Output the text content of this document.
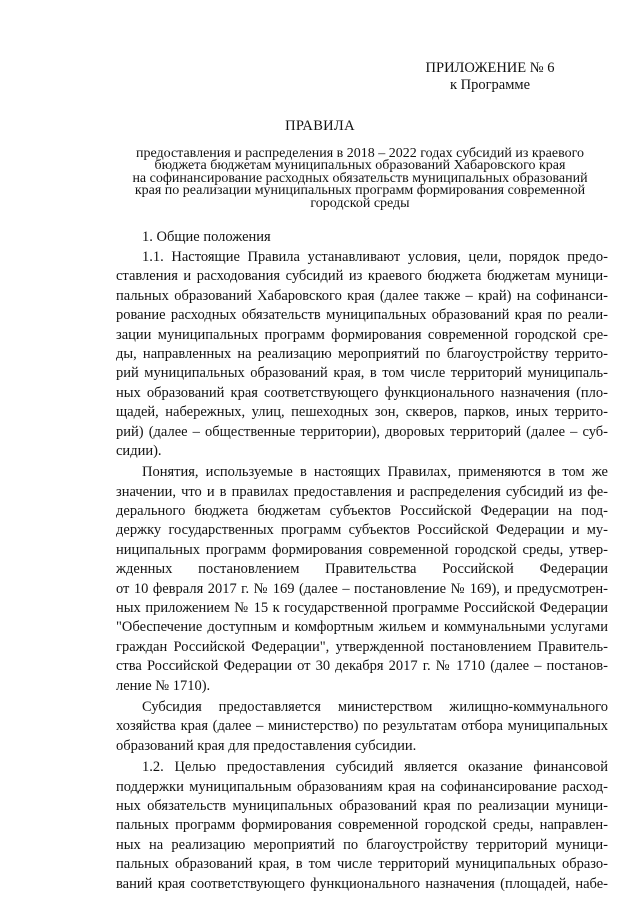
ПРИЛОЖЕНИЕ № 6
к Программе
ПРАВИЛА
предоставления и распределения в 2018 – 2022 годах субсидий из краевого
бюджета бюджетам муниципальных образований Хабаровского края
на софинансирование расходных обязательств муниципальных образований
края по реализации муниципальных программ формирования современной
городской среды
1. Общие положения
1.1. Настоящие Правила устанавливают условия, цели, порядок предо-
ставления и расходования субсидий из краевого бюджета бюджетам муници-
пальных образований Хабаровского края (далее также – край) на софинанси-
рование расходных обязательств муниципальных образований края по реали-
зации муниципальных программ формирования современной городской сре-
ды, направленных на реализацию мероприятий по благоустройству террито-
рий муниципальных образований края, в том числе территорий муниципаль-
ных образований края соответствующего функционального назначения (пло-
щадей, набережных, улиц, пешеходных зон, скверов, парков, иных террито-
рий) (далее – общественные территории), дворовых территорий (далее – суб-
сидии).
Понятия, используемые в настоящих Правилах, применяются в том же
значении, что и в правилах предоставления и распределения субсидий из фе-
дерального бюджета бюджетам субъектов Российской Федерации на под-
держку государственных программ субъектов Российской Федерации и му-
ниципальных программ формирования современной городской среды, утвер-
жденных постановлением Правительства Российской Федерации
от 10 февраля 2017 г. № 169 (далее – постановление № 169), и предусмотрен-
ных приложением № 15 к государственной программе Российской Федерации
"Обеспечение доступным и комфортным жильем и коммунальными услугами
граждан Российской Федерации", утвержденной постановлением Правитель-
ства Российской Федерации от 30 декабря 2017 г. № 1710 (далее – постанов-
ление № 1710).
Субсидия предоставляется министерством жилищно-коммунального
хозяйства края (далее – министерство) по результатам отбора муниципальных
образований края для предоставления субсидии.
1.2. Целью предоставления субсидий является оказание финансовой
поддержки муниципальным образованиям края на софинансирование расход-
ных обязательств муниципальных образований края по реализации муници-
пальных программ формирования современной городской среды, направлен-
ных на реализацию мероприятий по благоустройству территорий муници-
пальных образований края, в том числе территорий муниципальных образо-
ваний края соответствующего функционального назначения (площадей, набе-
